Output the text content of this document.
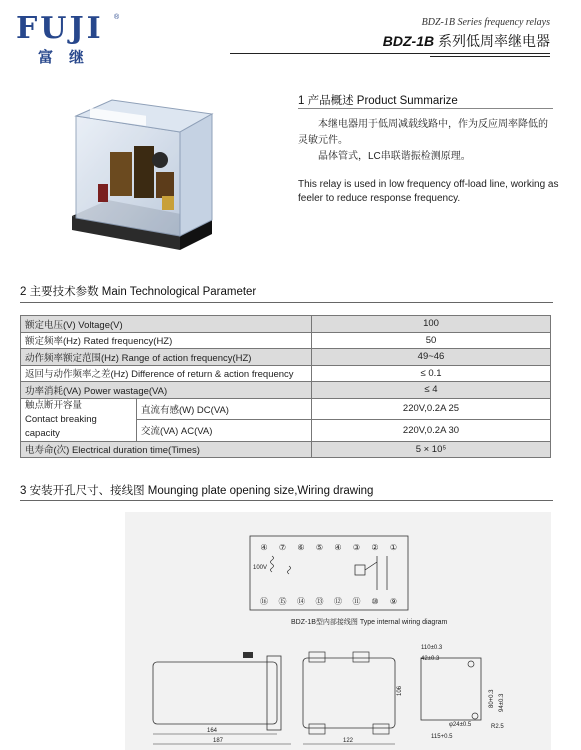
FUJI ®
富继
BDZ-1B Series frequency relays
BDZ-1B 系列低周率继电器
1 产品概述 Product Summarize

本继电器用于低周减载线路中，作为反应周率降低的灵敏元件。

晶体管式，LC串联谐振检测原理。

This relay is used in low frequency off-load line, working as feeler to reduce response frequency.
2 主要技术参数 Main Technological Parameter
额定电压(V) Voltage(V)		100
额定频率(Hz) Rated frequency(HZ)		50
动作频率额定范围(Hz) Range of action frequency(HZ)		49~46
返回与动作频率之差(Hz) Difference of return & action frequency		≤ 0.1
功率消耗(VA) Power wastage(VA)		≤ 4

触点断开容量
Contact breaking capacity	直流有感(W) DC(VA)	220V,0.2A 25
	交流(VA) AC(VA)	220V,0.2A 30
电寿命(次) Electrical duration time(Times)		5 × 10⁵
3 安装开孔尺寸、接线图 Mounging plate opening size,Wiring drawing
④ ⑦ ⑥ ⑤ ④ ③ ② ①
⑯ ⑮ ⑭ ⑬ ⑫ ⑪ ⑩ ⑨
100V
BDZ-1B型内部接线图 Type internal wiring diagram
164
187	122
106
110±0.3
42±0.3
80+0.3 94±0.3
φ24±0.5	R2.5
115+0.5
